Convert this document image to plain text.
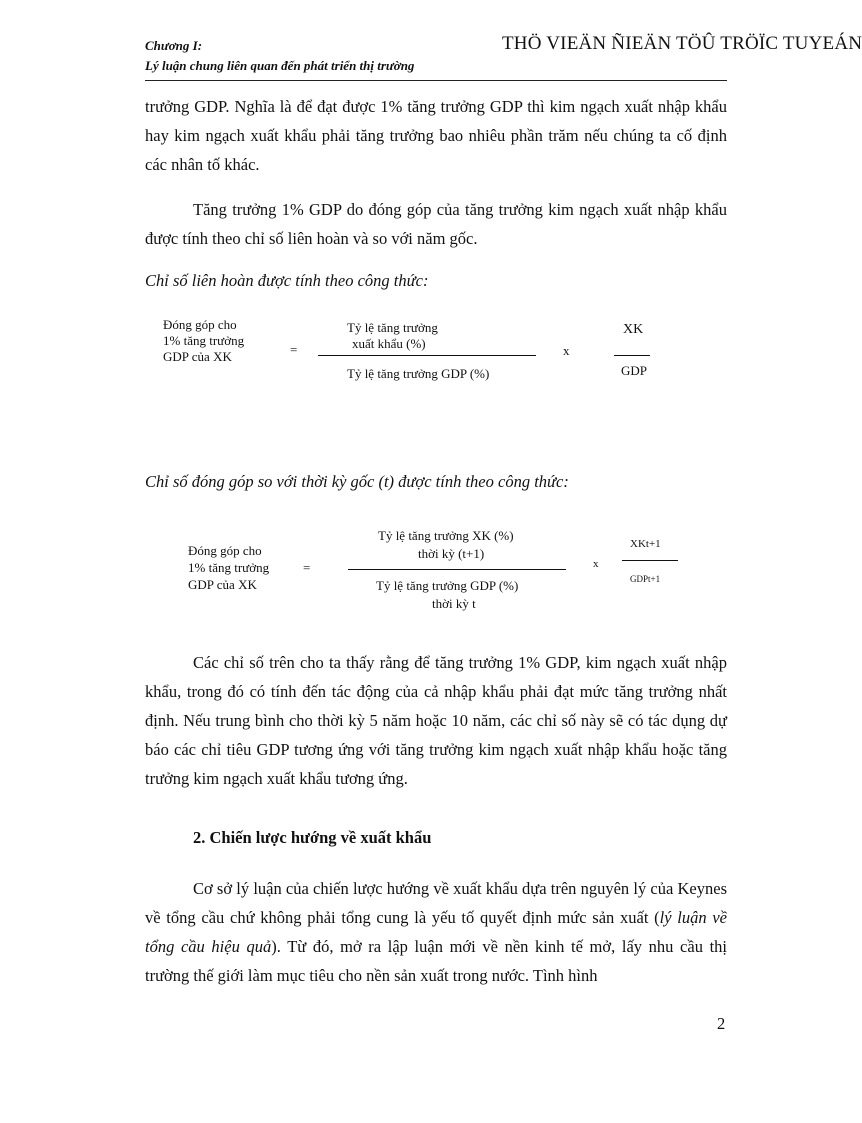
Chương I:
Lý luận chung liên quan đến phát triển thị trường
THÖ VIEÄN ÑIEÄN TÖÛ TRÖÏC TUYEÁN

trưởng GDP. Nghĩa là để đạt được 1% tăng trưởng GDP thì kim ngạch xuất nhập khẩu hay kim ngạch xuất khẩu phải tăng trưởng bao nhiêu phần trăm nếu chúng ta cố định các nhân tố khác.

Tăng trưởng 1% GDP do đóng góp của tăng trưởng kim ngạch xuất nhập khẩu được tính theo chỉ số liên hoàn và so với năm gốc.

Chỉ số liên hoàn được tính theo công thức:

Đóng góp cho
1% tăng trưởng
GDP của XK	=
Tỷ lệ tăng trưởng
xuất khẩu (%)
Tỷ lệ tăng trưởng GDP (%)
x
XK
GDP

Chỉ số đóng góp so với thời kỳ gốc (t) được tính theo công thức:

Đóng góp cho
1% tăng trưởng
GDP của XK
=
Tỷ lệ tăng trưởng XK (%)
thời kỳ (t+1)
Tỷ lệ tăng trưởng GDP (%)
thời kỳ t
x
XKt+1
GDPt+1

Các chỉ số trên cho ta thấy rằng để tăng trưởng 1% GDP, kim ngạch xuất nhập khẩu, trong đó có tính đến tác động của cả nhập khẩu phải đạt mức tăng trưởng nhất định. Nếu trung bình cho thời kỳ 5 năm hoặc 10 năm, các chỉ số này sẽ có tác dụng dự báo các chỉ tiêu GDP tương ứng với tăng trưởng kim ngạch xuất nhập khẩu hoặc tăng trưởng kim ngạch xuất khẩu tương ứng.

2. Chiến lược hướng về xuất khẩu

Cơ sở lý luận của chiến lược hướng về xuất khẩu dựa trên nguyên lý của Keynes về tổng cầu chứ không phải tổng cung là yếu tố quyết định mức sản xuất (lý luận về tổng cầu hiệu quả). Từ đó, mở ra lập luận mới về nền kinh tế mở, lấy nhu cầu thị trường thế giới làm mục tiêu cho nền sản xuất trong nước. Tình hình

2
